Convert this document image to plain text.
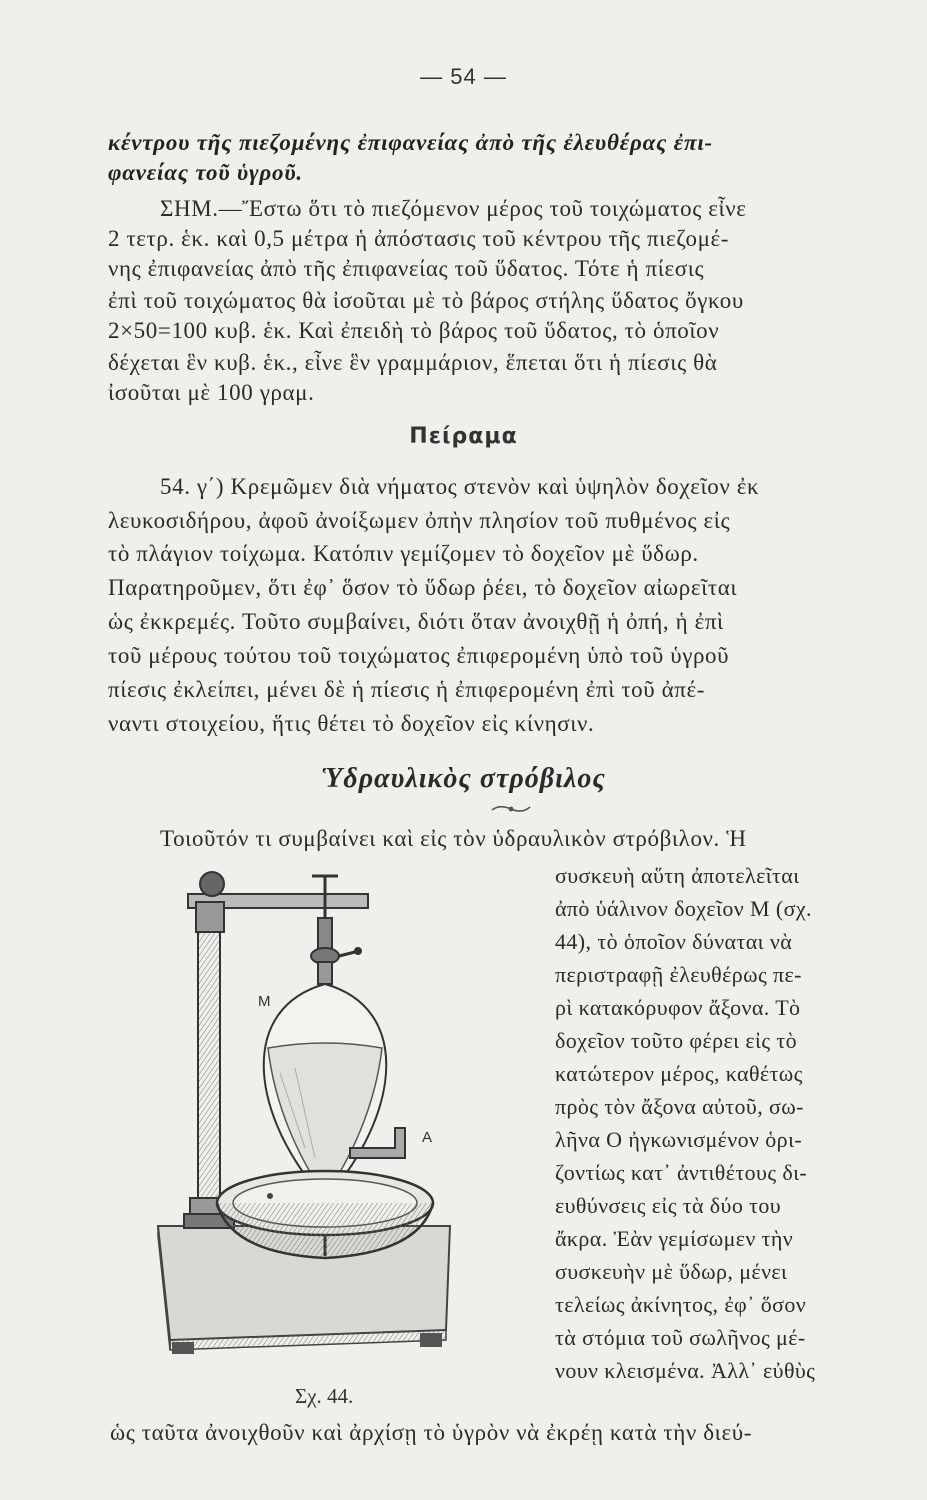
— 54 —
κέντρου τῆς πιεζομένης ἐπιφανείας ἀπὸ τῆς ἐλευθέρας ἐπι-
φανείας τοῦ ὑγροῦ.
ΣΗΜ.—Ἔστω ὅτι τὸ πιεζόμενον μέρος τοῦ τοιχώματος εἶνε
2 τετρ. ἑκ. καὶ 0,5 μέτρα ἡ ἀπόστασις τοῦ κέντρου τῆς πιεζομέ-
νης ἐπιφανείας ἀπὸ τῆς ἐπιφανείας τοῦ ὕδατος. Τότε ἡ πίεσις
ἐπὶ τοῦ τοιχώματος θὰ ἰσοῦται μὲ τὸ βάρος στήλης ὕδατος ὄγκου
2×50=100 κυβ. ἑκ. Καὶ ἐπειδὴ τὸ βάρος τοῦ ὕδατος, τὸ ὁποῖον
δέχεται ἓν κυβ. ἑκ., εἶνε ἓν γραμμάριον, ἕπεται ὅτι ἡ πίεσις θὰ
ἰσοῦται μὲ 100 γραμ.
Πείραμα
54. γ΄) Κρεμῶμεν διὰ νήματος στενὸν καὶ ὑψηλὸν δοχεῖον ἐκ
λευκοσιδήρου, ἀφοῦ ἀνοίξωμεν ὀπὴν πλησίον τοῦ πυθμένος εἰς
τὸ πλάγιον τοίχωμα. Κατόπιν γεμίζομεν τὸ δοχεῖον μὲ ὕδωρ.
Παρατηροῦμεν, ὅτι ἐφ᾽ ὅσον τὸ ὕδωρ ῥέει, τὸ δοχεῖον αἰωρεῖται
ὡς ἐκκρεμές. Τοῦτο συμβαίνει, διότι ὅταν ἀνοιχθῇ ἡ ὀπή, ἡ ἐπὶ
τοῦ μέρους τούτου τοῦ τοιχώματος ἐπιφερομένη ὑπὸ τοῦ ὑγροῦ
πίεσις ἐκλείπει, μένει δὲ ἡ πίεσις ἡ ἐπιφερομένη ἐπὶ τοῦ ἀπέ-
ναντι στοιχείου, ἥτις θέτει τὸ δοχεῖον εἰς κίνησιν.
Ὑδραυλικὸς στρόβιλος
Τοιοῦτόν τι συμβαίνει καὶ εἰς τὸν ὑδραυλικὸν στρόβιλον. Ἡ
συσκευὴ αὕτη ἀποτελεῖται
ἀπὸ ὑάλινον δοχεῖον Μ (σχ.
44), τὸ ὁποῖον δύναται νὰ
περιστραφῇ ἐλευθέρως πε-
ρὶ κατακόρυφον ἄξονα. Τὸ
δοχεῖον τοῦτο φέρει εἰς τὸ
κατώτερον μέρος, καθέτως
πρὸς τὸν ἄξονα αὐτοῦ, σω-
λῆνα Ο ἠγκωνισμένον ὁρι-
ζοντίως κατ᾽ ἀντιθέτους δι-
ευθύνσεις εἰς τὰ δύο του
ἄκρα. Ἐὰν γεμίσωμεν τὴν
συσκευὴν μὲ ὕδωρ, μένει
τελείως ἀκίνητος, ἐφ᾽ ὅσον
τὰ στόμια τοῦ σωλῆνος μέ-
νουν κλεισμένα. Ἀλλ᾽ εὐθὺς
Μ
Α
Σχ. 44.
ὡς ταῦτα ἀνοιχθοῦν καὶ ἀρχίσῃ τὸ ὑγρὸν νὰ ἐκρέῃ κατὰ τὴν διεύ-
